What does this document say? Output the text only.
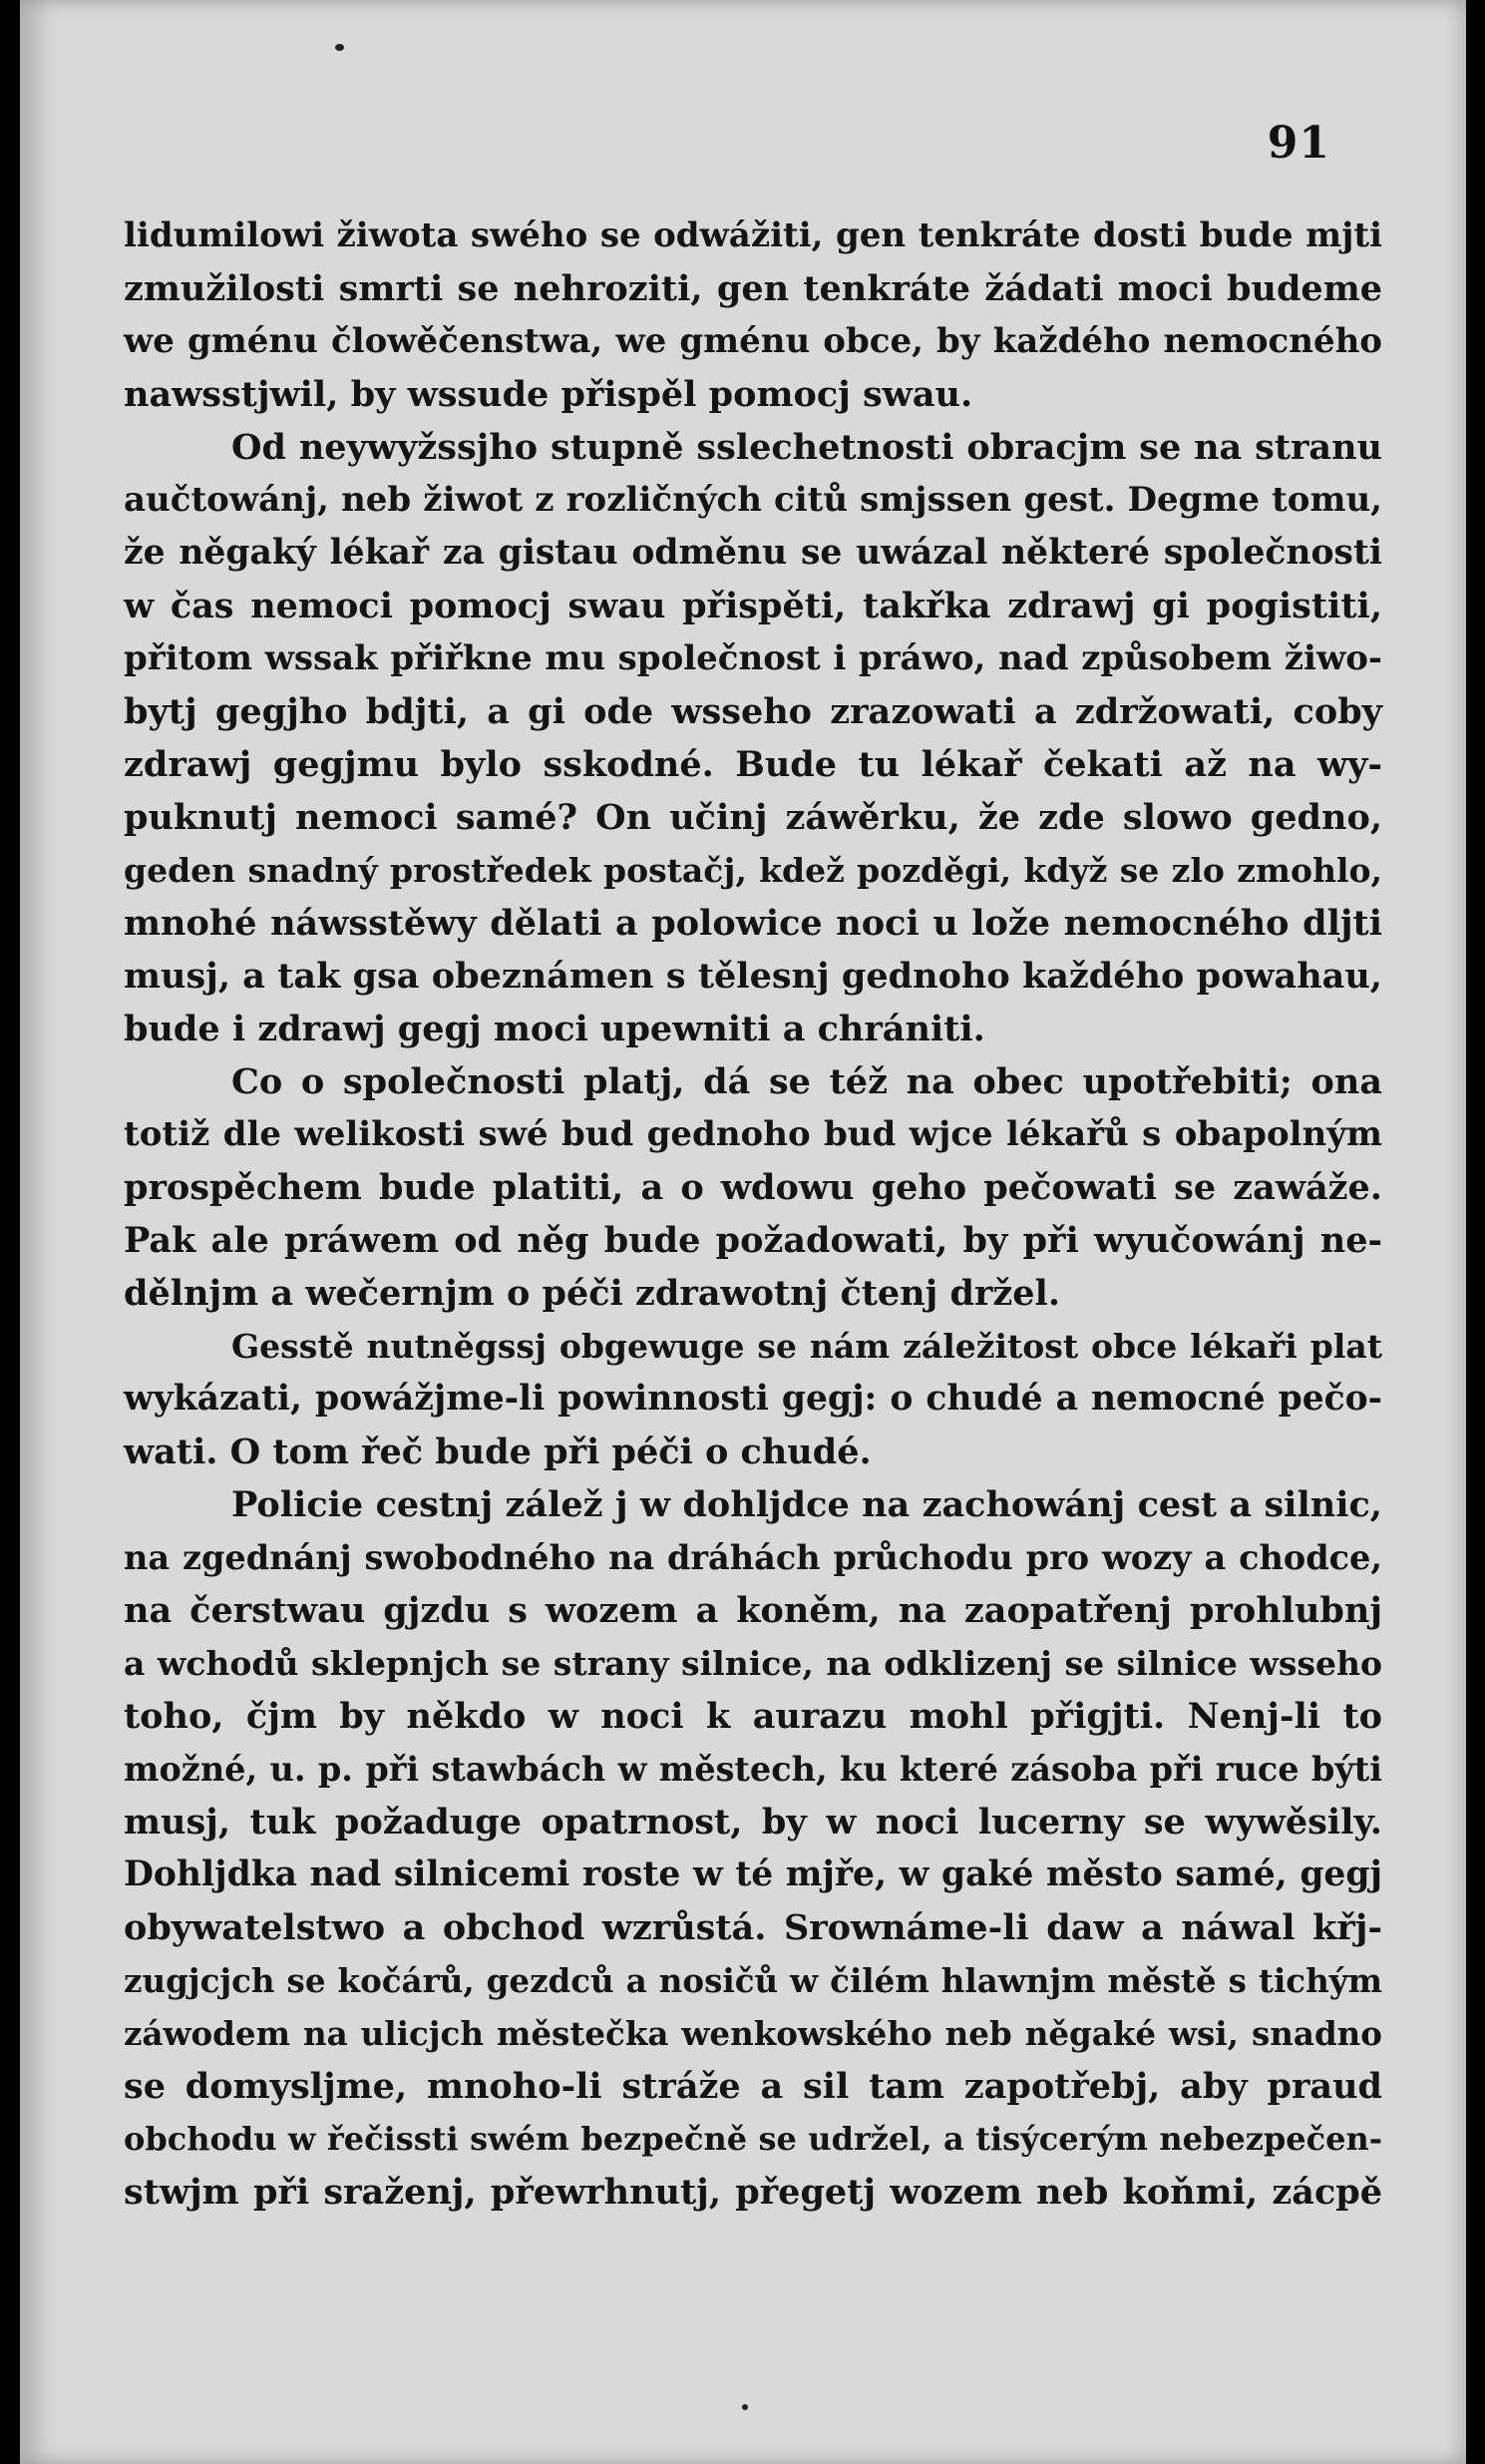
91
lidumilowi žiwota swého se odwážiti, gen tenkráte dosti bude mjti
zmužilosti smrti se nehroziti, gen tenkráte žádati moci budeme
we gménu člowěčenstwa, we gménu obce, by každého nemocného
nawsstjwil, by wssude přispěl pomocj swau.
Od neywyžssjho stupně sslechetnosti obracjm se na stranu
aučtowánj, neb žiwot z rozličných citů smjssen gest. Degme tomu,
že něgaký lékař za gistau odměnu se uwázal některé společnosti
w čas nemoci pomocj swau přispěti, takřka zdrawj gi pogistiti,
přitom wssak přiřkne mu společnost i práwo, nad způsobem žiwo-
bytj gegjho bdjti, a gi ode wsseho zrazowati a zdržowati, coby
zdrawj gegjmu bylo sskodné. Bude tu lékař čekati až na wy-
puknutj nemoci samé? On učinj záwěrku, že zde slowo gedno,
geden snadný prostředek postačj, kdež pozděgi, když se zlo zmohlo,
mnohé náwsstěwy dělati a polowice noci u lože nemocného dljti
musj, a tak gsa obeznámen s tělesnj gednoho každého powahau,
bude i zdrawj gegj moci upewniti a chrániti.
Co o společnosti platj, dá se též na obec upotřebiti; ona
totiž dle welikosti swé bud gednoho bud wjce lékařů s obapolným
prospěchem bude platiti, a o wdowu geho pečowati se zawáže.
Pak ale práwem od něg bude požadowati, by při wyučowánj ne-
dělnjm a wečernjm o péči zdrawotnj čtenj držel.
Gesstě nutněgssj obgewuge se nám záležitost obce lékaři plat
wykázati, powážjme-li powinnosti gegj: o chudé a nemocné pečo-
wati. O tom řeč bude při péči o chudé.
Policie cestnj zálež j w dohljdce na zachowánj cest a silnic,
na zgednánj swobodného na dráhách průchodu pro wozy a chodce,
na čerstwau gjzdu s wozem a koněm, na zaopatřenj prohlubnj
a wchodů sklepnjch se strany silnice, na odklizenj se silnice wsseho
toho, čjm by někdo w noci k aurazu mohl přigjti. Nenj-li to
možné, u. p. při stawbách w městech, ku které zásoba při ruce býti
musj, tuk požaduge opatrnost, by w noci lucerny se wywěsily.
Dohljdka nad silnicemi roste w té mjře, w gaké město samé, gegj
obywatelstwo a obchod wzrůstá. Srownáme-li daw a náwal křj-
zugjcjch se kočárů, gezdců a nosičů w čilém hlawnjm městě s tichým
záwodem na ulicjch městečka wenkowského neb něgaké wsi, snadno
se domysljme, mnoho-li stráže a sil tam zapotřebj, aby praud
obchodu w řečissti swém bezpečně se udržel, a tisýcerým nebezpečen-
stwjm při sraženj, přewrhnutj, přegetj wozem neb koňmi, zácpě
